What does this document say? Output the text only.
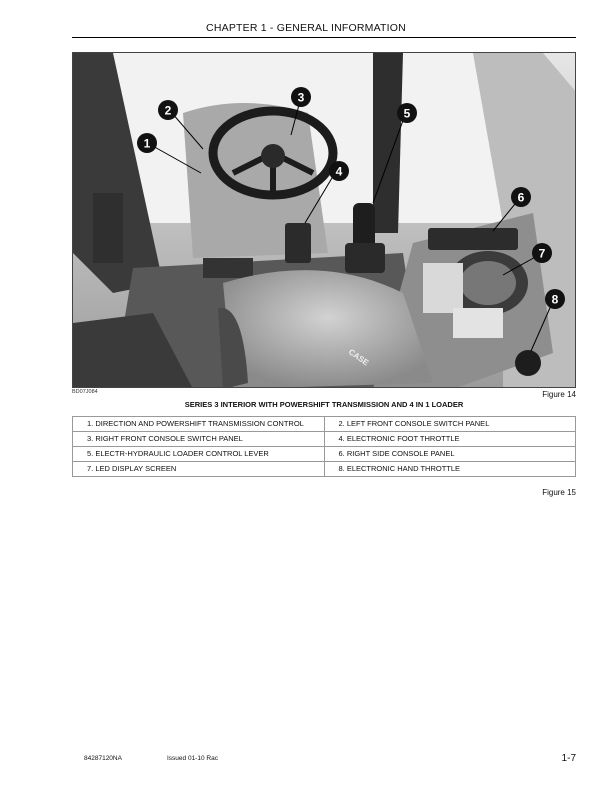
CHAPTER 1 - GENERAL INFORMATION
CASE
1
2
3
4
5
6
7
8
BD07J084	Figure 14
SERIES 3 INTERIOR WITH POWERSHIFT TRANSMISSION AND 4 IN 1 LOADER
1. DIRECTION AND POWERSHIFT TRANSMISSION CONTROL	2. LEFT FRONT CONSOLE SWITCH PANEL
3. RIGHT FRONT CONSOLE SWITCH PANEL	4. ELECTRONIC FOOT THROTTLE
5. ELECTR-HYDRAULIC LOADER CONTROL LEVER	6. RIGHT SIDE CONSOLE PANEL
7. LED DISPLAY SCREEN	8. ELECTRONIC HAND THROTTLE
Figure 15
84287120NA	Issued 01-10 Rac	1-7
